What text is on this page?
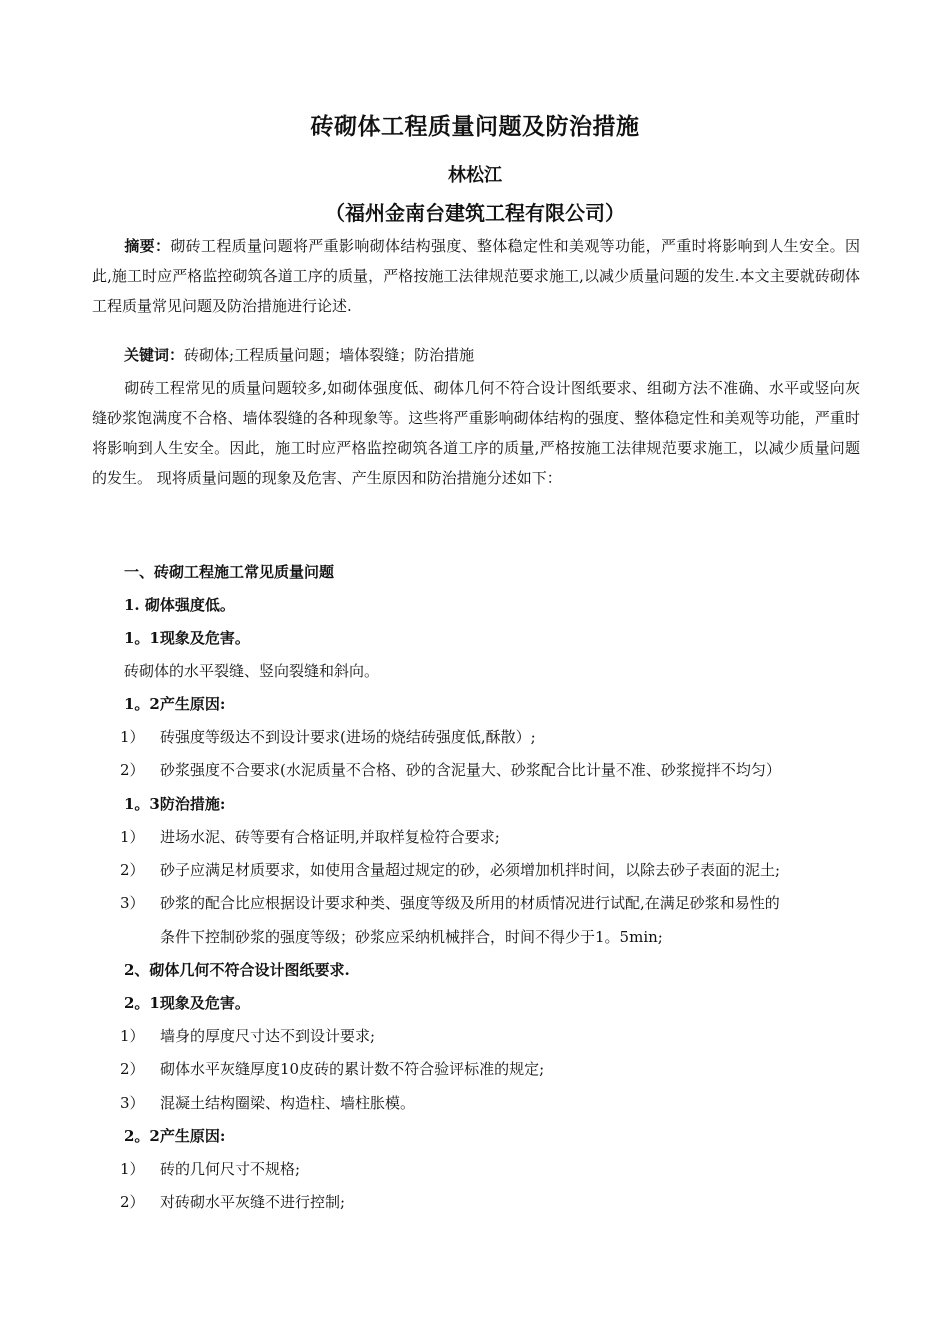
砖砌体工程质量问题及防治措施
林松江
（福州金南台建筑工程有限公司）
摘要：砌砖工程质量问题将严重影响砌体结构强度、整体稳定性和美观等功能，严重时将影响到人生安全。因此,施工时应严格监控砌筑各道工序的质量，严格按施工法律规范要求施工,以减少质量问题的发生.本文主要就砖砌体工程质量常见问题及防治措施进行论述.
关键词：砖砌体;工程质量问题；墙体裂缝；防治措施
砌砖工程常见的质量问题较多,如砌体强度低、砌体几何不符合设计图纸要求、组砌方法不准确、水平或竖向灰缝砂浆饱满度不合格、墙体裂缝的各种现象等。这些将严重影响砌体结构的强度、整体稳定性和美观等功能，严重时将影响到人生安全。因此，施工时应严格监控砌筑各道工序的质量,严格按施工法律规范要求施工，以减少质量问题的发生。 现将质量问题的现象及危害、产生原因和防治措施分述如下：
一、砖砌工程施工常见质量问题
1. 砌体强度低。
1。1现象及危害。
砖砌体的水平裂缝、竖向裂缝和斜向。
1。2产生原因:
1） 砖强度等级达不到设计要求(进场的烧结砖强度低,酥散）;
2） 砂浆强度不合要求(水泥质量不合格、砂的含泥量大、砂浆配合比计量不准、砂浆搅拌不均匀）
1。3防治措施:
1） 进场水泥、砖等要有合格证明,并取样复检符合要求;
2） 砂子应满足材质要求，如使用含量超过规定的砂，必须增加机拌时间，以除去砂子表面的泥土;
3） 砂浆的配合比应根据设计要求种类、强度等级及所用的材质情况进行试配,在满足砂浆和易性的
条件下控制砂浆的强度等级；砂浆应采纳机械拌合，时间不得少于1。5min;
2、砌体几何不符合设计图纸要求.
2。1现象及危害。
1） 墙身的厚度尺寸达不到设计要求;
2） 砌体水平灰缝厚度10皮砖的累计数不符合验评标准的规定;
3） 混凝土结构圈梁、构造柱、墙柱胀模。
2。2产生原因:
1） 砖的几何尺寸不规格;
2） 对砖砌水平灰缝不进行控制;
